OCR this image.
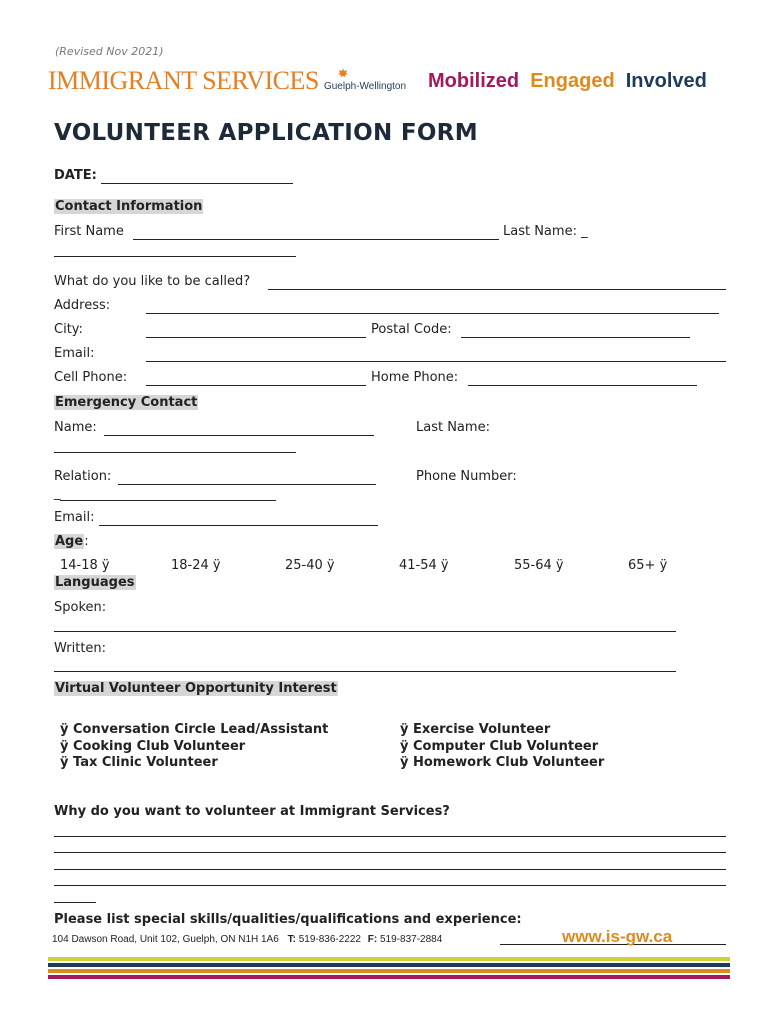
(Revised Nov 2021)
IMMIGRANT SERVICES Guelph-Wellington Mobilized Engaged Involved
VOLUNTEER APPLICATION FORM
DATE:
Contact Information
First Name	Last Name: _
What do you like to be called?
Address:
City:	Postal Code:
Email:
Cell Phone:	Home Phone:
Emergency Contact
Name:	Last Name:
Relation:	Phone Number:
_
Email:
Age:
14-18 ÿ	18-24 ÿ	25-40 ÿ	41-54 ÿ	55-64 ÿ	65+ ÿ
Languages
Spoken:
Written:
Virtual Volunteer Opportunity Interest
ÿ Conversation Circle Lead/Assistant
ÿ Cooking Club Volunteer
ÿ Tax Clinic Volunteer
ÿ Exercise Volunteer
ÿ Computer Club Volunteer
ÿ Homework Club Volunteer
Why do you want to volunteer at Immigrant Services?
Please list special skills/qualities/qualifications and experience:
104 Dawson Road, Unit 102, Guelph, ON N1H 1A6 T: 519-836-2222 F: 519-837-2884	www.is-gw.ca
